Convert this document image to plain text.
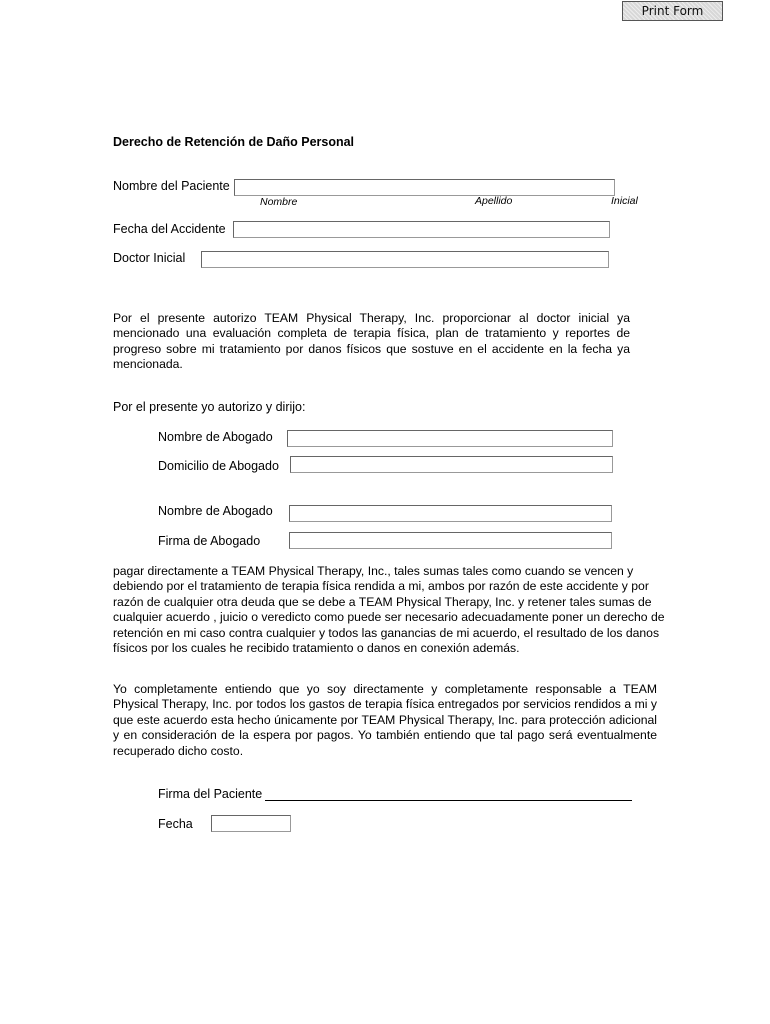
Print Form
Derecho de Retención de Daño Personal
Nombre del Paciente
Nombre	Apellido	Inicial
Fecha del Accidente
Doctor Inicial
Por el presente autorizo TEAM Physical Therapy, Inc. proporcionar al doctor inicial ya mencionado una evaluación completa de terapia física, plan de tratamiento y reportes de progreso sobre mi tratamiento por danos físicos que sostuve en el accidente en la fecha ya mencionada.
Por el presente yo autorizo y dirijo:
Nombre de Abogado
Domicilio de Abogado
Nombre de Abogado
Firma de Abogado
pagar directamente a TEAM Physical Therapy, Inc., tales sumas tales como cuando se vencen y debiendo por el tratamiento de terapia física rendida a mi, ambos por razón de este accidente y por razón de cualquier otra deuda que se debe a TEAM Physical Therapy, Inc. y retener tales sumas de cualquier acuerdo , juicio o veredicto como puede ser necesario adecuadamente poner un derecho de retención en mi caso contra cualquier y todos las ganancias de mi acuerdo, el resultado de los danos físicos por los cuales he recibido tratamiento o danos en conexión además.
Yo completamente entiendo que yo soy directamente y completamente responsable a TEAM Physical Therapy, Inc. por todos los gastos de terapia física entregados por servicios rendidos a mi y que este acuerdo esta hecho únicamente por TEAM Physical Therapy, Inc. para protección adicional y en consideración de la espera por pagos. Yo también entiendo que tal pago será eventualmente recuperado dicho costo.
Firma del Paciente
Fecha
